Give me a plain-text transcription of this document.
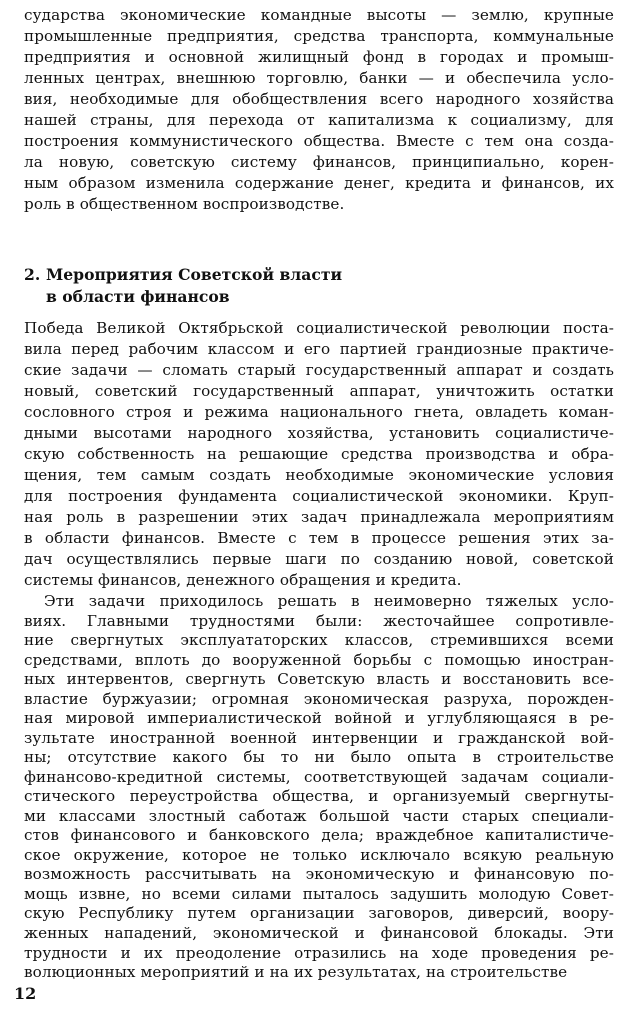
сударства экономические командные высоты — землю, крупные
промышленные предприятия, средства транспорта, коммунальные
предприятия и основной жилищный фонд в городах и промыш-
ленных центрах, внешнюю торговлю, банки — и обеспечила усло-
вия, необходимые для обобществления всего народного хозяйства
нашей страны, для перехода от капитализма к социализму, для
построения коммунистического общества. Вместе с тем она созда-
ла новую, советскую систему финансов, принципиально, корен-
ным образом изменила содержание денег, кредита и финансов, их
роль в общественном воспроизводстве.
2. Мероприятия Советской власти
в области финансов
Победа Великой Октябрьской социалистической революции поста-
вила перед рабочим классом и его партией грандиозные практиче-
ские задачи — сломать старый государственный аппарат и создать
новый, советский государственный аппарат, уничтожить остатки
сословного строя и режима национального гнета, овладеть коман-
дными высотами народного хозяйства, установить социалистиче-
скую собственность на решающие средства производства и обра-
щения, тем самым создать необходимые экономические условия
для построения фундамента социалистической экономики. Круп-
ная роль в разрешении этих задач принадлежала мероприятиям
в области финансов. Вместе с тем в процессе решения этих за-
дач осуществлялись первые шаги по созданию новой, советской
системы финансов, денежного обращения и кредита.
Эти задачи приходилось решать в неимоверно тяжелых усло-
виях. Главными трудностями были: жесточайшее сопротивле-
ние свергнутых эксплуататорских классов, стремившихся всеми
средствами, вплоть до вооруженной борьбы с помощью иностран-
ных интервентов, свергнуть Советскую власть и восстановить все-
властие буржуазии; огромная экономическая разруха, порожден-
ная мировой империалистической войной и углубляющаяся в ре-
зультате иностранной военной интервенции и гражданской вой-
ны; отсутствие какого бы то ни было опыта в строительстве
финансово-кредитной системы, соответствующей задачам социали-
стического переустройства общества, и организуемый свергнуты-
ми классами злостный саботаж большой части старых специали-
стов финансового и банковского дела; враждебное капиталистиче-
ское окружение, которое не только исключало всякую реальную
возможность рассчитывать на экономическую и финансовую по-
мощь извне, но всеми силами пыталось задушить молодую Совет-
скую Республику путем организации заговоров, диверсий, воору-
женных нападений, экономической и финансовой блокады. Эти
трудности и их преодоление отразились на ходе проведения ре-
волюционных мероприятий и на их результатах, на строительстве
12
